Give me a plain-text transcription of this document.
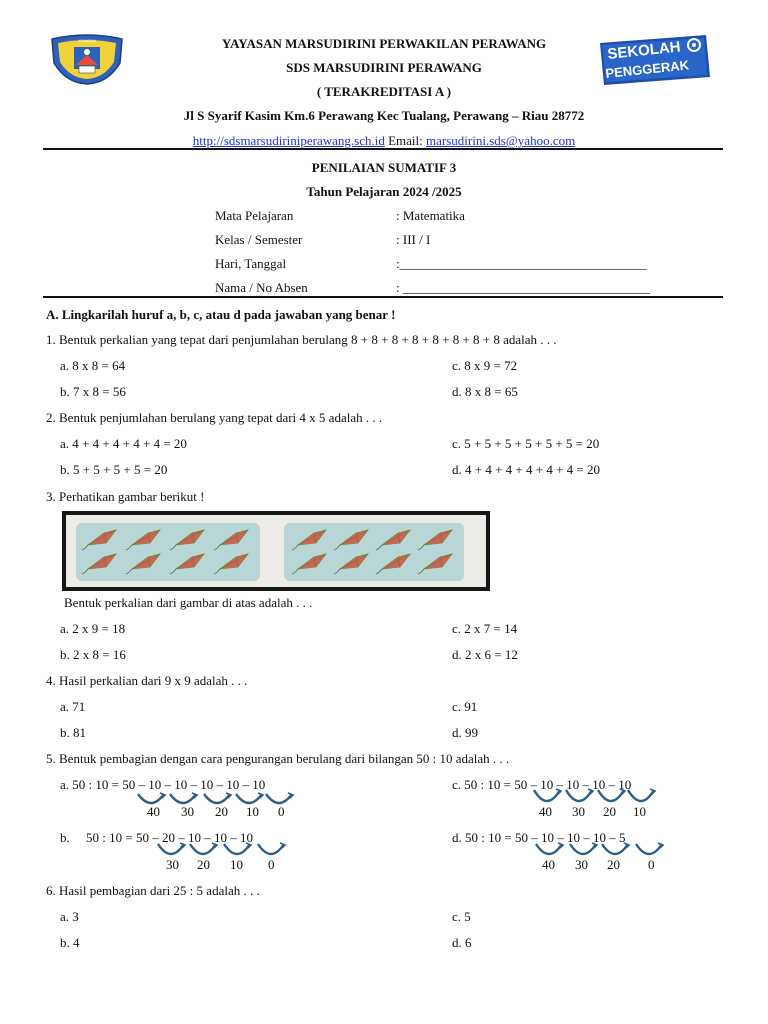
YAYASAN	SEKOLAH
PENGGERAK
YAYASAN MARSUDIRINI PERWAKILAN PERAWANG
SDS MARSUDIRINI PERAWANG
( TERAKREDITASI A )
Jl S Syarif Kasim Km.6 Perawang Kec Tualang, Perawang – Riau 28772
http://sdsmarsudiriniperawang.sch.id Email: marsudirini.sds@yahoo.com
PENILAIAN SUMATIF 3
Tahun Pelajaran 2024 /2025
Mata Pelajaran	: Matematika
Kelas / Semester	: III / I
Hari, Tanggal	:______________________________________
Nama / No Absen	: ______________________________________
A. Lingkarilah huruf a, b, c, atau d pada jawaban yang benar !
1. Bentuk perkalian yang tepat dari penjumlahan berulang 8 + 8 + 8 + 8 + 8 + 8 + 8 + 8 adalah . . .
a. 8 x 8 = 64	c. 8 x 9 = 72
b. 7 x 8 = 56	d. 8 x 8 = 65
2. Bentuk penjumlahan berulang yang tepat dari 4 x 5 adalah . . .
a. 4 + 4 + 4 + 4 + 4 = 20	c. 5 + 5 + 5 + 5 + 5 + 5 = 20
b. 5 + 5 + 5 + 5 = 20	d. 4 + 4 + 4 + 4 + 4 + 4 = 20
3. Perhatikan gambar berikut !
Bentuk perkalian dari gambar di atas adalah . . .
a. 2 x 9 = 18	c. 2 x 7 = 14
b. 2 x 8 = 16	d. 2 x 6 = 12
4. Hasil perkalian dari 9 x 9 adalah . . .
a. 71	c. 91
b. 81	d. 99
5. Bentuk pembagian dengan cara pengurangan berulang dari bilangan 50 : 10 adalah . . .
a. 50 : 10 = 50 – 10 – 10 – 10 – 10 – 10	c. 50 : 10 = 50 – 10 – 10 – 10 – 10
40 30 20 10 0	40 30 20 10
b.     50 : 10 = 50 – 20 – 10 – 10 – 10	d. 50 : 10 = 50 – 10 – 10 – 10 – 5
30 20 10 0	40 30 20 0
6. Hasil pembagian dari 25 : 5 adalah . . .
a. 3	c. 5
b. 4	d. 6
